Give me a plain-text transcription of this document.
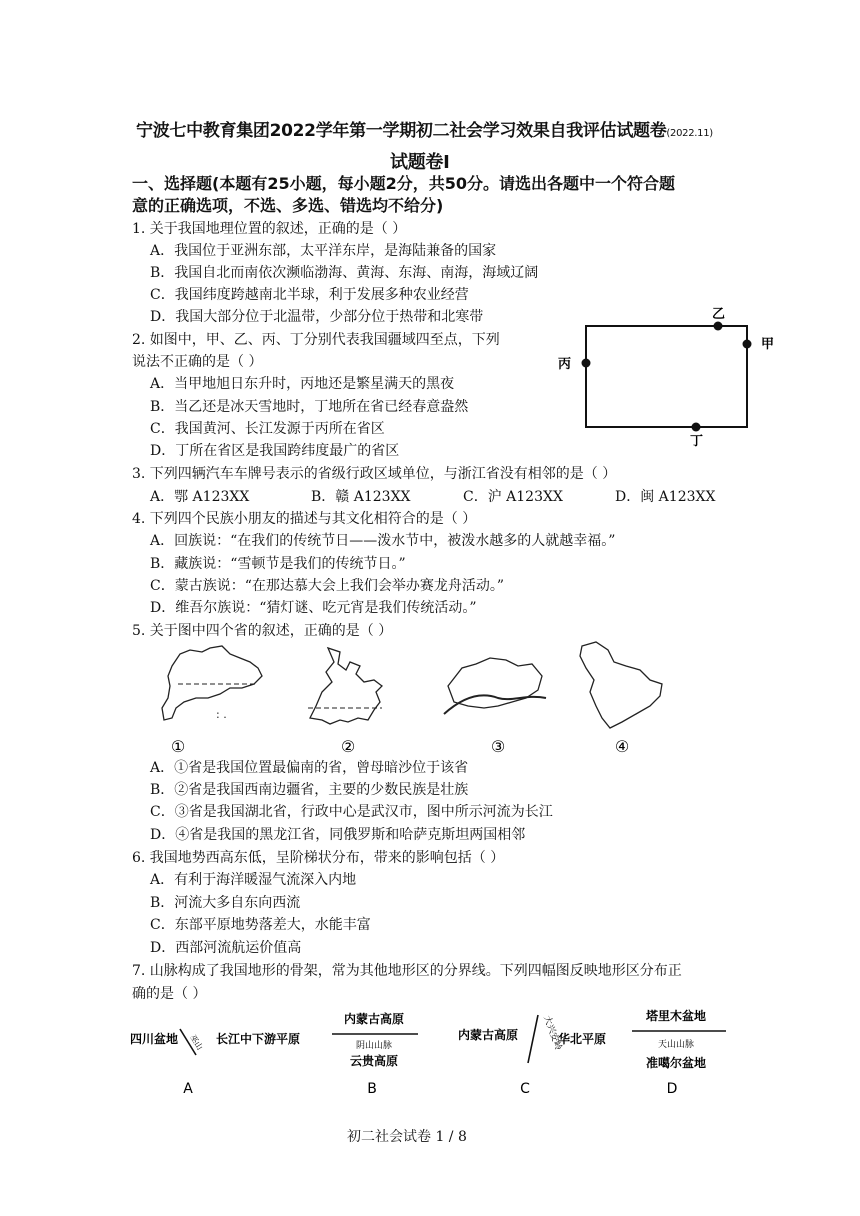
宁波七中教育集团2022学年第一学期初二社会学习效果自我评估试题卷(2022.11)
试题卷Ⅰ
一、选择题(本题有25小题，每小题2分，共50分。请选出各题中一个符合题
意的正确选项，不选、多选、错选均不给分)
1. 关于我国地理位置的叙述，正确的是（ ）
A．我国位于亚洲东部，太平洋东岸，是海陆兼备的国家
B．我国自北而南依次濒临渤海、黄海、东海、南海，海域辽阔
C．我国纬度跨越南北半球，利于发展多种农业经营
D．我国大部分位于北温带，少部分位于热带和北寒带
2. 如图中，甲、乙、丙、丁分别代表我国疆域四至点，下列
说法不正确的是（ ）
A．当甲地旭日东升时，丙地还是繁星满天的黑夜
B．当乙还是冰天雪地时，丁地所在省已经春意盎然
C．我国黄河、长江发源于丙所在省区
D．丁所在省区是我国跨纬度最广的省区
乙
甲
丙
丁
3. 下列四辆汽车车牌号表示的省级行政区域单位，与浙江省没有相邻的是（ ）
A．鄂 A123XX	B．赣 A123XX	C．沪 A123XX	D．闽 A123XX
4. 下列四个民族小朋友的描述与其文化相符合的是（ ）
A．回族说：“在我们的传统节日——泼水节中，被泼水越多的人就越幸福。”
B．藏族说：“雪顿节是我们的传统节日。”
C．蒙古族说：“在那达慕大会上我们会举办赛龙舟活动。”
D．维吾尔族说：“猜灯谜、吃元宵是我们传统活动。”
5. 关于图中四个省的叙述，正确的是（ ）
: .
①	②	③	④
A．①省是我国位置最偏南的省，曾母暗沙位于该省
B．②省是我国西南边疆省，主要的少数民族是壮族
C．③省是我国湖北省，行政中心是武汉市，图中所示河流为长江
D．④省是我国的黑龙江省，同俄罗斯和哈萨克斯坦两国相邻
6. 我国地势西高东低，呈阶梯状分布，带来的影响包括（ ）
A．有利于海洋暖湿气流深入内地
B．河流大多自东向西流
C．东部平原地势落差大，水能丰富
D．西部河流航运价值高
7. 山脉构成了我国地形的骨架，常为其他地形区的分界线。下列四幅图反映地形区分布正
确的是（ ）
四川盆地 巫山 长江中下游平原
A
内蒙古高原
阴山山脉
云贵高原
B
内蒙古高原	大兴安岭
华北平原
C
塔里木盆地
天山山脉
准噶尔盆地
D
初二社会试卷 1 / 8
